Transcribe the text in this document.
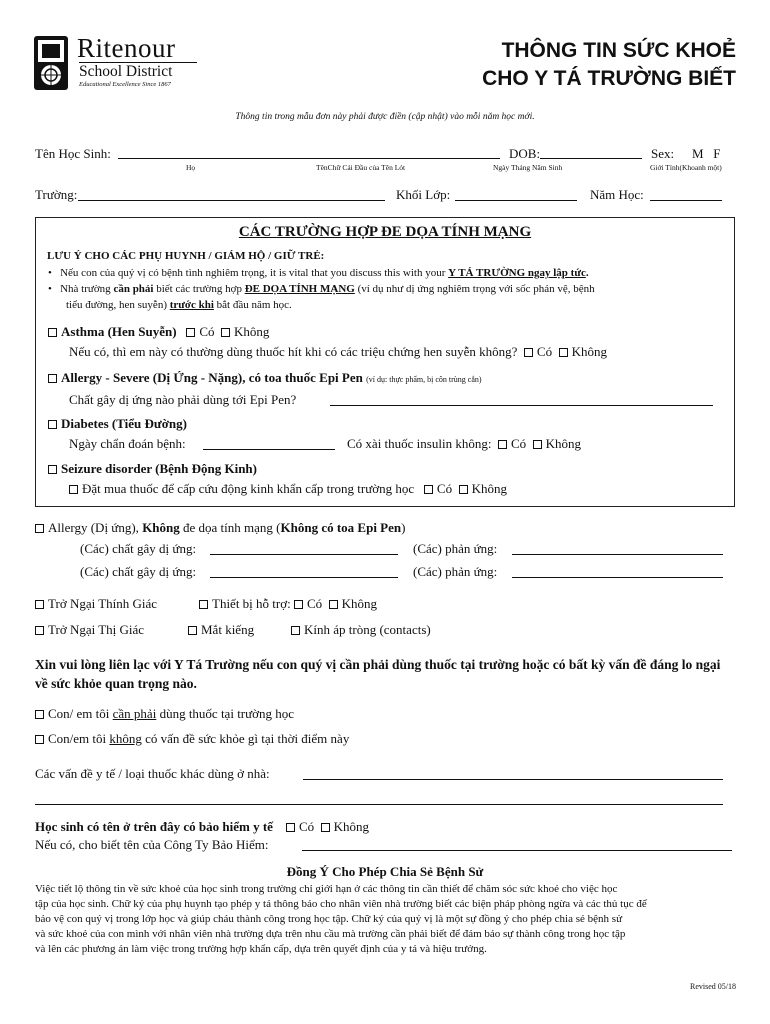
Ritenour
School District
Educational Excellence Since 1867
THÔNG TIN SỨC KHOẺ
CHO Y TÁ TRƯỜNG BIẾT
Thông tin trong mẫu đơn này phải được điền (cập nhật) vào mỗi năm học mới.
Tên Học Sinh:	DOB:	Sex: M   F
Họ	TênChữ Cái Đầu của Tên Lót	Ngày Tháng Năm Sinh	Giới Tính(Khoanh một)
Trường:	Khối Lớp:	Năm Học:
CÁC TRƯỜNG HỢP ĐE DỌA TÍNH MẠNG
LƯU Ý CHO CÁC PHỤ HUYNH / GIÁM HỘ / GIỮ TRẺ:
• Nếu con của quý vị có bệnh tình nghiêm trọng, it is vital that you discuss this with your Y TÁ TRƯỜNG ngay lập tức.
• Nhà trường cần phải biết các trường hợp ĐE DỌA TÍNH MẠNG (ví dụ như dị ứng nghiêm trọng với sốc phản vệ, bệnh
tiểu đường, hen suyễn) trước khi bắt đầu năm học.
Asthma (Hen Suyễn) Có Không
Nếu có, thì em này có thường dùng thuốc hít khi có các triệu chứng hen suyễn không? Có Không
Allergy - Severe (Dị Ứng - Nặng), có toa thuốc Epi Pen (ví dụ: thực phẩm, bị côn trùng cắn)
Chất gây dị ứng nào phải dùng tới Epi Pen?
Diabetes (Tiểu Đường)
Ngày chẩn đoán bệnh:	Có xài thuốc insulin không: Có Không
Seizure disorder (Bệnh Động Kinh)
Đặt mua thuốc để cấp cứu động kinh khẩn cấp trong trường học Có Không
Allergy (Dị ứng), Không đe dọa tính mạng (Không có toa Epi Pen)
(Các) chất gây dị ứng:	(Các) phản ứng:
(Các) chất gây dị ứng:	(Các) phản ứng:
Trở Ngại Thính Giác	Thiết bị hỗ trợ: Có Không
Trở Ngại Thị Giác	Mắt kiếng	Kính áp tròng (contacts)
Xin vui lòng liên lạc với Y Tá Trường nếu con quý vị cần phải dùng thuốc tại trường hoặc có bất kỳ vấn đề đáng lo ngại về sức khỏe quan trọng nào.
Con/ em tôi cần phải dùng thuốc tại trường học
Con/em tôi không có vấn đề sức khỏe gì tại thời điểm này
Các vấn đề y tế / loại thuốc khác dùng ở nhà:
Học sinh có tên ở trên đây có bảo hiểm y tế Có Không
Nếu có, cho biết tên của Công Ty Bảo Hiểm:
Đồng Ý Cho Phép Chia Sẻ Bệnh Sử
Việc tiết lộ thông tin về sức khoẻ của học sinh trong trường chỉ giới hạn ở các thông tin cần thiết để chăm sóc sức khoẻ cho việc học
tập của học sinh. Chữ ký của phụ huynh tạo phép y tá thông báo cho nhân viên nhà trường biết các biện pháp phòng ngừa và các thủ tục để
bảo vệ con quý vị trong lớp học và giúp cháu thành công trong học tập. Chữ ký của quý vị là một sự đồng ý cho phép chia sẻ bệnh sử
và sức khoẻ của con mình với nhân viên nhà trường dựa trên nhu cầu mà trường cần phải biết để đảm bảo sự thành công trong học tập
và lên các phương án làm việc trong trường hợp khẩn cấp, dựa trên quyết định của y tá và hiệu trưởng.
Revised 05/18
